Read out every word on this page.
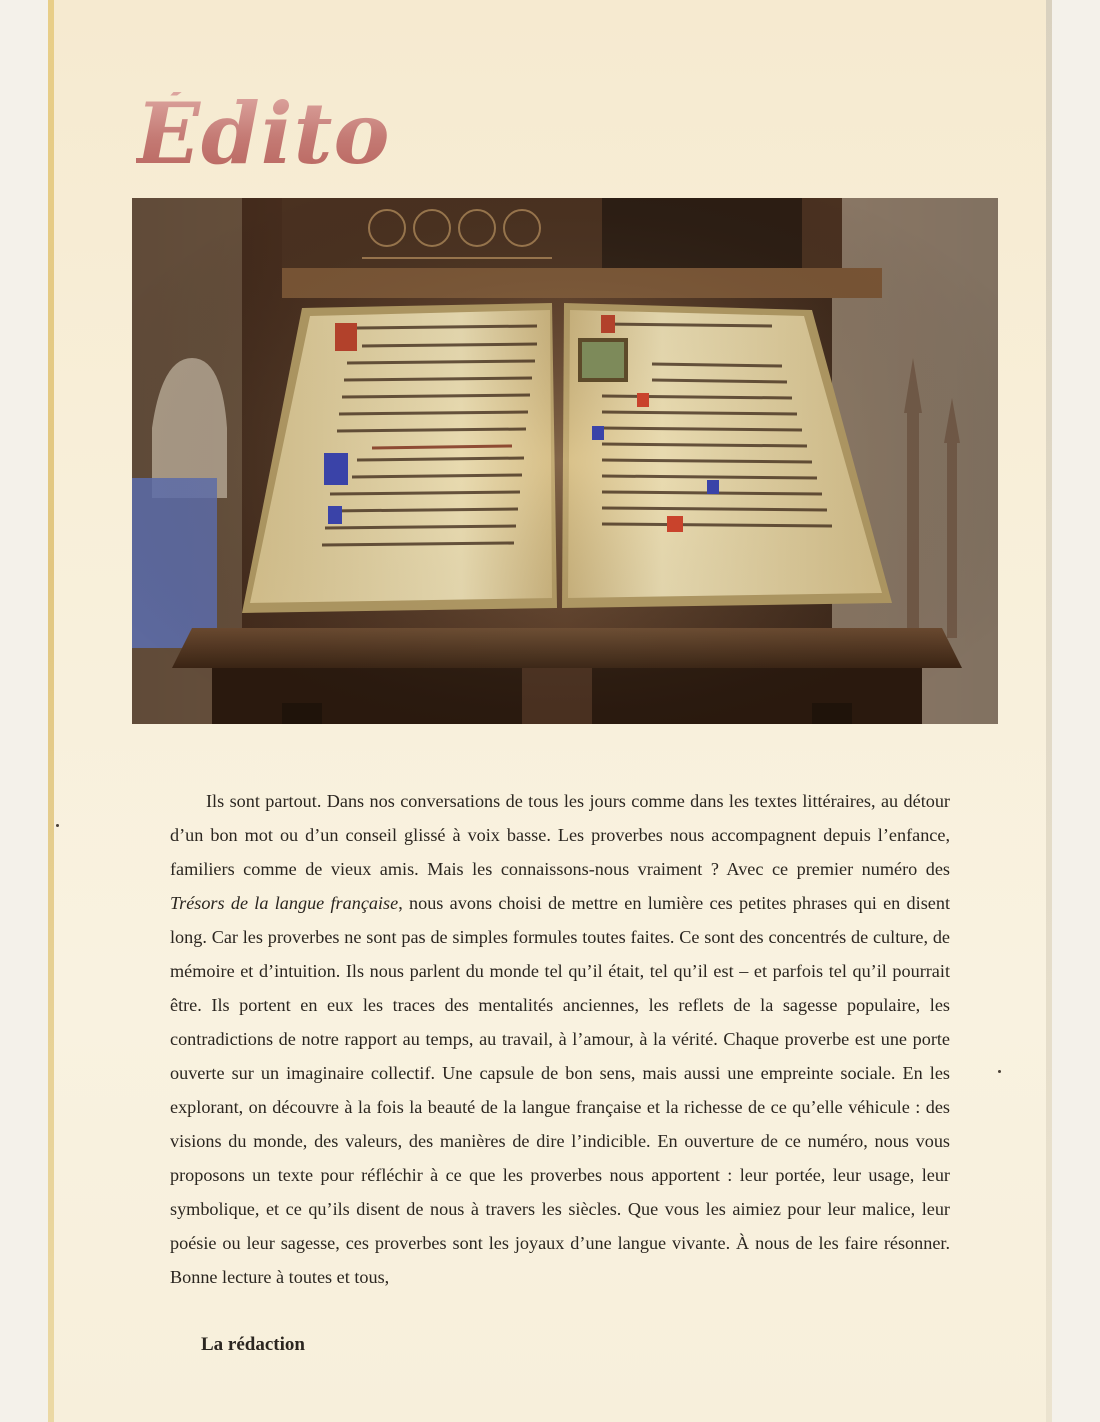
Édito

Ils sont partout. Dans nos conversations de tous les jours comme dans les textes littéraires, au détour d’un bon mot ou d’un conseil glissé à voix basse. Les proverbes nous accompagnent depuis l’enfance, familiers comme de vieux amis. Mais les connaissons-nous vraiment ? Avec ce premier numéro des Trésors de la langue française, nous avons choisi de mettre en lumière ces petites phrases qui en disent long. Car les proverbes ne sont pas de simples formules toutes faites. Ce sont des concentrés de culture, de mémoire et d’intuition. Ils nous parlent du monde tel qu’il était, tel qu’il est – et parfois tel qu’il pourrait être. Ils portent en eux les traces des mentalités anciennes, les reflets de la sagesse populaire, les contradictions de notre rapport au temps, au travail, à l’amour, à la vérité. Chaque proverbe est une porte ouverte sur un imaginaire collectif. Une capsule de bon sens, mais aussi une empreinte sociale. En les explorant, on découvre à la fois la beauté de la langue française et la richesse de ce qu’elle véhicule : des visions du monde, des valeurs, des manières de dire l’indicible. En ouverture de ce numéro, nous vous proposons un texte pour réfléchir à ce que les proverbes nous apportent : leur portée, leur usage, leur symbolique, et ce qu’ils disent de nous à travers les siècles. Que vous les aimiez pour leur malice, leur poésie ou leur sagesse, ces proverbes sont les joyaux d’une langue vivante. À nous de les faire résonner. Bonne lecture à toutes et tous,

La rédaction
